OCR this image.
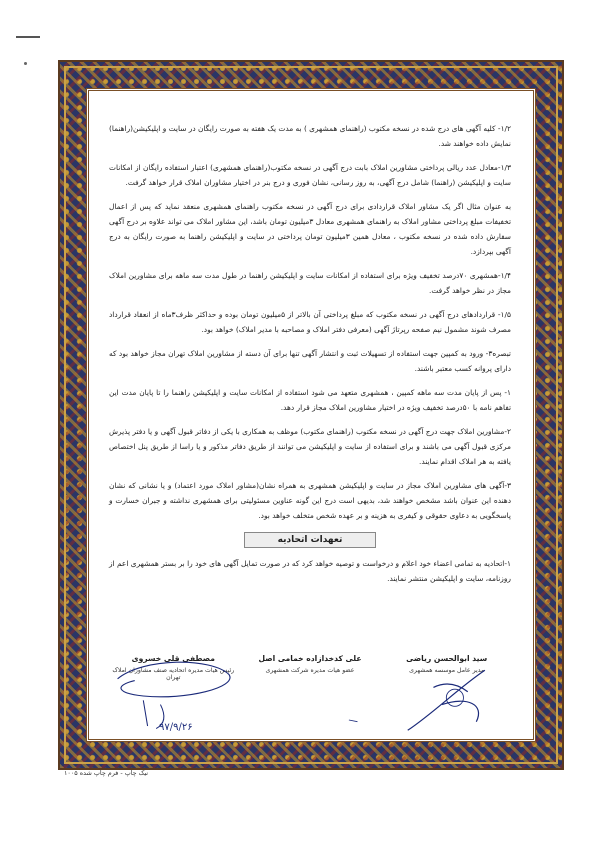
۱/۲- کلیه آگهی های درج شده در نسخه مکتوب (راهنمای همشهری ) به مدت یک هفته به صورت رایگان در سایت و اپلیکیشن(راهنما) نمایش داده خواهند شد.

۱/۳-معادل عدد ریالی پرداختی مشاورین املاک بابت درج آگهی در نسخه مکتوب(راهنمای همشهری) اعتبار استفاده رایگان از امکانات سایت و اپلیکیشن (راهنما) شامل درج آگهی، به روز رسانی، نشان فوری و درج بنر در اختیار مشاوران املاک قرار خواهد گرفت.

به عنوان مثال اگر یک مشاور املاک قراردادی برای درج آگهی در نسخه مکتوب راهنمای همشهری منعقد نماید که پس از اعمال تخفیفات مبلغ پرداختی مشاور املاک به راهنمای همشهری معادل ۳میلیون تومان باشد، این مشاور املاک می تواند علاوه بر درج آگهی سفارش داده شده در نسخه مکتوب ، معادل همین ۳میلیون تومان پرداختی در سایت و اپلیکیشن راهنما به صورت رایگان به درج آگهی بپردازد.

۱/۴-همشهری ۷۰درصد تخفیف ویژه برای استفاده از امکانات سایت و اپلیکیشن راهنما در طول مدت سه ماهه برای مشاورین املاک مجاز در نظر خواهد گرفت.

۱/۵- قراردادهای درج آگهی در نسخه مکتوب که مبلغ پرداختی آن بالاتر از ۵میلیون تومان بوده و حداکثر ظرف۳ماه از انعقاد قرارداد مصرف شوند مشمول نیم صفحه رپرتاژ آگهی (معرفی دفتر املاک و مصاحبه با مدیر املاک) خواهد بود.

تبصره۳- ورود به کمپین جهت استفاده از تسهیلات ثبت و انتشار آگهی تنها برای آن دسته از مشاورین املاک تهران مجاز خواهد بود که دارای پروانه کسب معتبر باشند.

۱- پس از پایان مدت سه ماهه کمپین ، همشهری متعهد می شود استفاده از امکانات سایت و اپلیکیشن راهنما را تا پایان مدت این تفاهم نامه با ۵۰درصد تخفیف ویژه در اختیار مشاورین املاک مجاز قرار دهد.

۲-مشاورین املاک جهت درج آگهی در نسخه مکتوب (راهنمای مکتوب) موظف به همکاری با یکی از دفاتر قبول آگهی و یا دفتر پذیرش مرکزی قبول آگهی می باشند و برای استفاده از سایت و اپلیکیشن می توانند از طریق دفاتر مذکور و یا راسا از طریق پنل اختصاص یافته به هر املاک اقدام نمایند.

۳-آگهی های مشاورین املاک مجاز در سایت و اپلیکیشن همشهری به همراه نشان(مشاور املاک مورد اعتماد) و یا نشانی که نشان دهنده این عنوان باشد مشخص خواهند شد، بدیهی است درج این گونه عناوین مسئولیتی برای همشهری نداشته و جبران خسارت و پاسخگویی به دعاوی حقوقی و کیفری به هزینه و بر عهده شخص متخلف خواهد بود.

تعهدات اتحادیه

۱-اتحادیه به تمامی اعضاء خود اعلام و درخواست و توصیه خواهد کرد که در صورت تمایل آگهی های خود را بر بستر همشهری اعم از روزنامه، سایت و اپلیکیشن منتشر نمایند.

سید ابوالحسن ریاضی
مدیر عامل موسسه همشهری
علی کدخدازاده خمامی اصل
عضو هیات مدیره شرکت همشهری
مصطفی قلی خسروی
رئیس هیات مدیره اتحادیه صنف مشاوران املاک تهران
۹۷/۹/۲۶
نیک چاپ - فرم چاپ شده ۱۰۰۵
